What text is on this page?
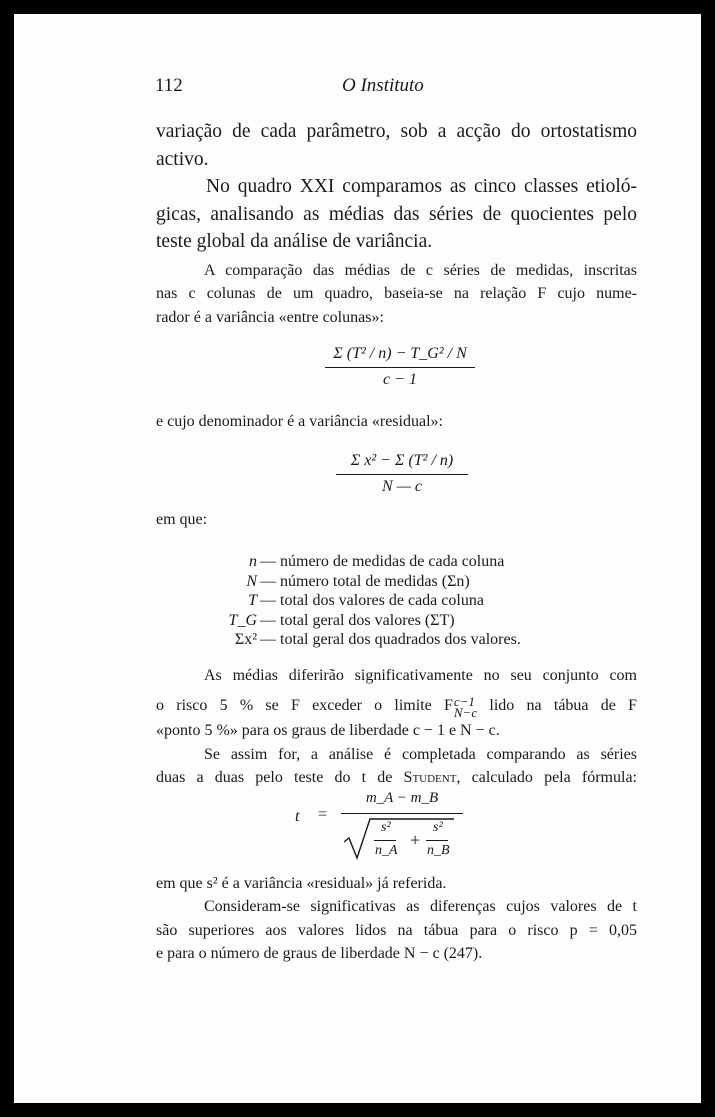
112	O Instituto
variação de cada parâmetro, sob a acção do ortostatismo
activo.
No quadro XXI comparamos as cinco classes etioló-
gicas, analisando as médias das séries de quocientes pelo
teste global da análise de variância.
A comparação das médias de c séries de medidas, inscritas
nas c colunas de um quadro, baseia-se na relação F cujo nume-
rador é a variância «entre colunas»:
Σ (T² / n) − T_G² / N
c − 1
e cujo denominador é a variância «residual»:
Σ x² − Σ (T² / n)
N — c
em que:
n — número de medidas de cada coluna
N — número total de medidas (Σn)
T — total dos valores de cada coluna
T_G — total geral dos valores (ΣT)
Σx² — total geral dos quadrados dos valores.
As médias diferirão significativamente no seu conjunto com
o risco 5 % se F exceder o limite F c−1
N−c lido na tábua de F
«ponto 5 %» para os graus de liberdade c − 1 e N − c.
Se assim for, a análise é completada comparando as séries
duas a duas pelo teste do t de Student, calculado pela fórmula:
t =
m_A − m_B
s²
n_A
+
s²
n_B
em que s² é a variância «residual» já referida.
Consideram-se significativas as diferenças cujos valores de t
são superiores aos valores lidos na tábua para o risco p = 0,05
e para o número de graus de liberdade N − c (247).
